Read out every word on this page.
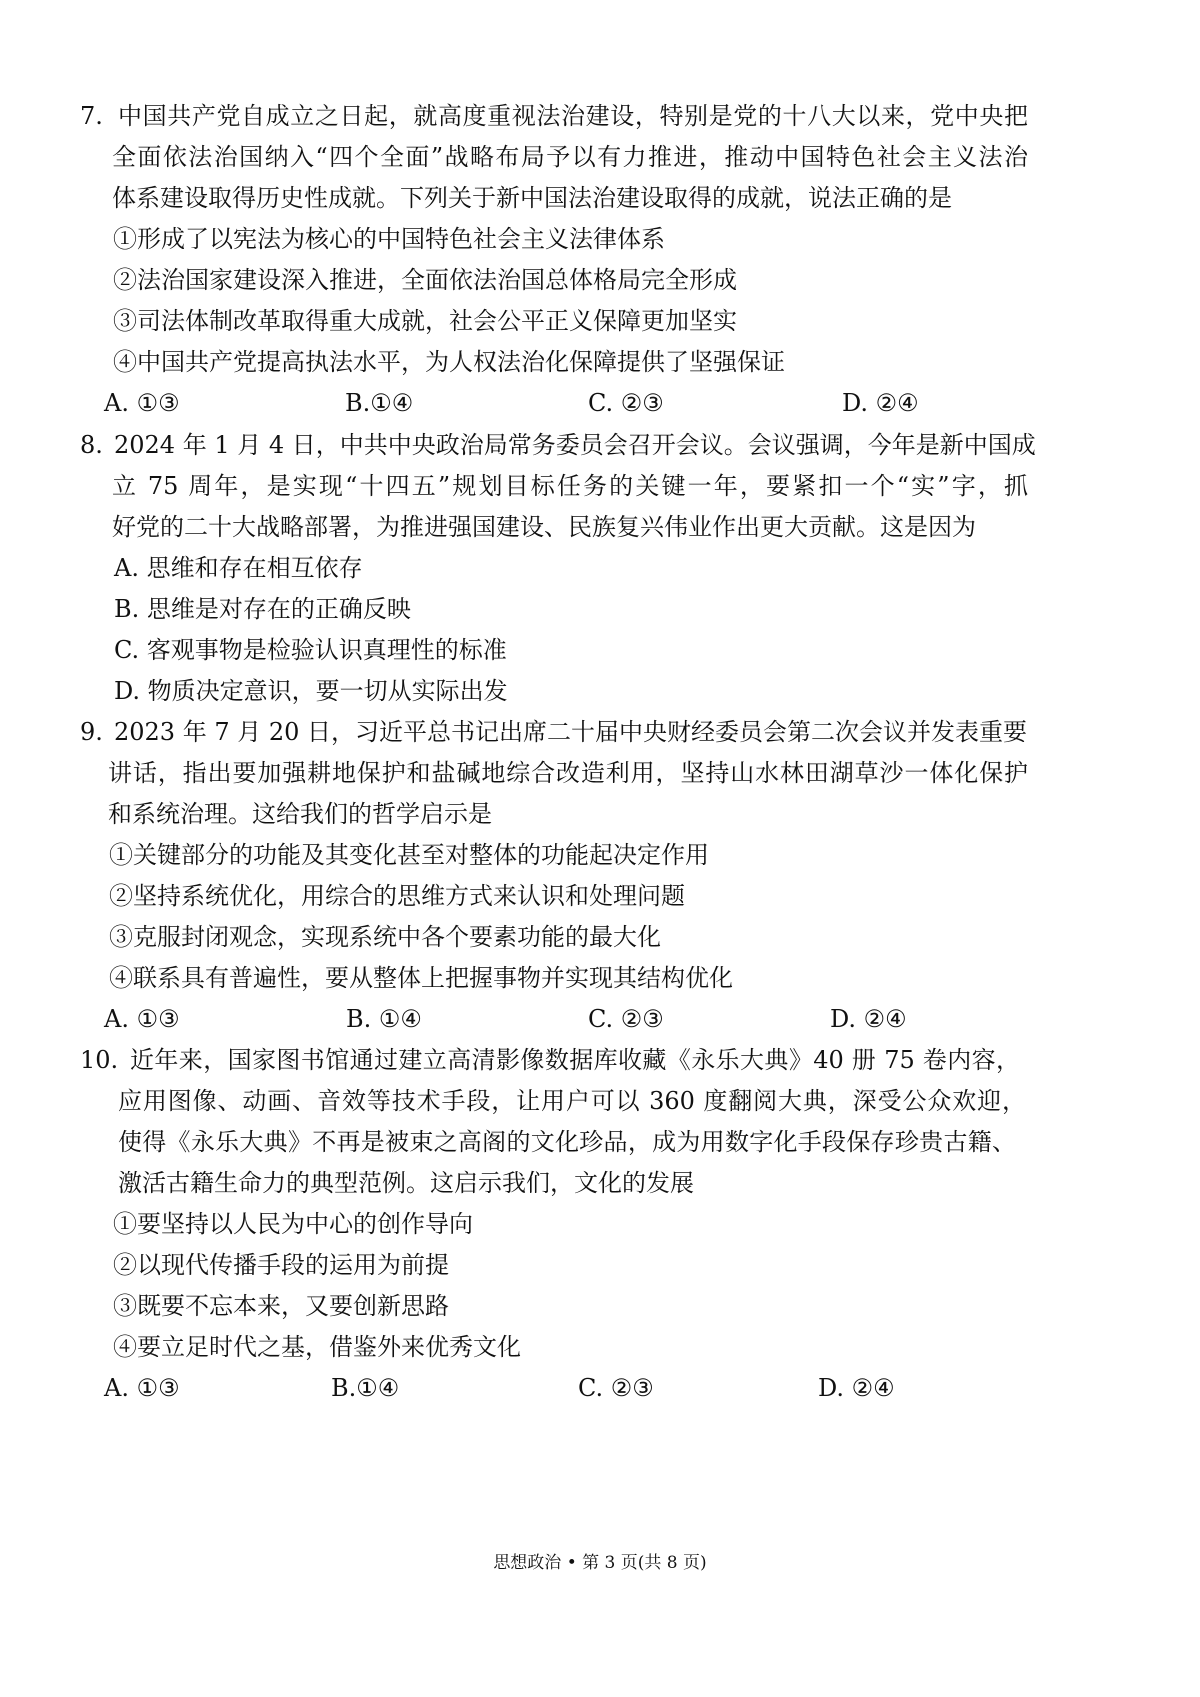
7. 中国共产党自成立之日起，就高度重视法治建设，特别是党的十八大以来，党中央把
全面依法治国纳入“四个全面”战略布局予以有力推进，推动中国特色社会主义法治
体系建设取得历史性成就。下列关于新中国法治建设取得的成就，说法正确的是
①形成了以宪法为核心的中国特色社会主义法律体系
②法治国家建设深入推进，全面依法治国总体格局完全形成
③司法体制改革取得重大成就，社会公平正义保障更加坚实
④中国共产党提高执法水平，为人权法治化保障提供了坚强保证
A. ①③	B.①④	C. ②③	D. ②④
8. 2024 年 1 月 4 日，中共中央政治局常务委员会召开会议。会议强调，今年是新中国成
立 75 周年，是实现“十四五”规划目标任务的关键一年，要紧扣一个“实”字，抓
好党的二十大战略部署，为推进强国建设、民族复兴伟业作出更大贡献。这是因为
A. 思维和存在相互依存
B. 思维是对存在的正确反映
C. 客观事物是检验认识真理性的标准
D. 物质决定意识，要一切从实际出发
9. 2023 年 7 月 20 日，习近平总书记出席二十届中央财经委员会第二次会议并发表重要
讲话，指出要加强耕地保护和盐碱地综合改造利用，坚持山水林田湖草沙一体化保护
和系统治理。这给我们的哲学启示是
①关键部分的功能及其变化甚至对整体的功能起决定作用
②坚持系统优化，用综合的思维方式来认识和处理问题
③克服封闭观念，实现系统中各个要素功能的最大化
④联系具有普遍性，要从整体上把握事物并实现其结构优化
A. ①③	B. ①④	C. ②③	D. ②④
10. 近年来，国家图书馆通过建立高清影像数据库收藏《永乐大典》40 册 75 卷内容，
应用图像、动画、音效等技术手段，让用户可以 360 度翻阅大典，深受公众欢迎，
使得《永乐大典》不再是被束之高阁的文化珍品，成为用数字化手段保存珍贵古籍、
激活古籍生命力的典型范例。这启示我们，文化的发展
①要坚持以人民为中心的创作导向
②以现代传播手段的运用为前提
③既要不忘本来，又要创新思路
④要立足时代之基，借鉴外来优秀文化
A. ①③	B.①④	C. ②③	D. ②④
思想政治 • 第 3 页(共 8 页)
